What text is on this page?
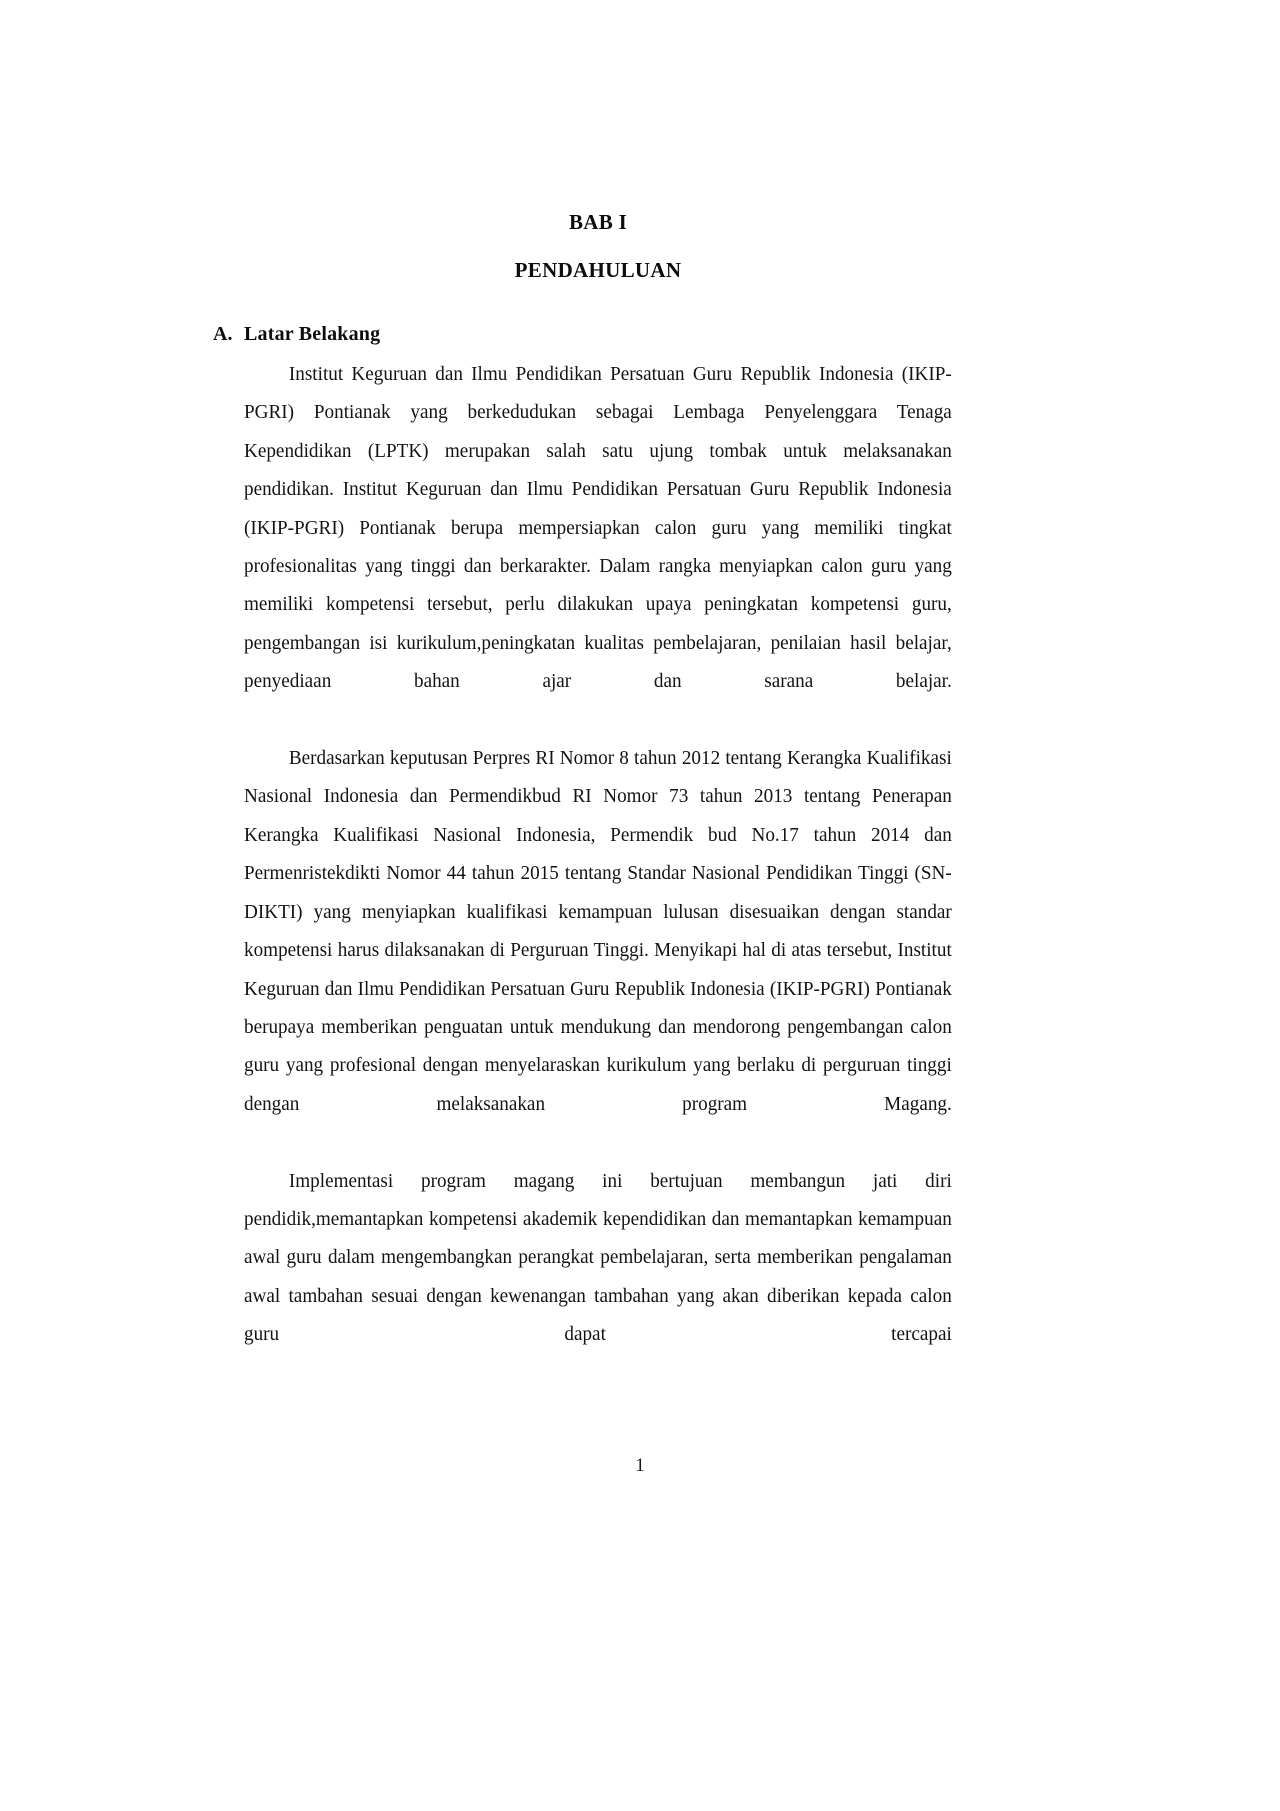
BAB I
PENDAHULUAN
A. Latar Belakang

Institut Keguruan dan Ilmu Pendidikan Persatuan Guru Republik Indonesia (IKIP-PGRI) Pontianak yang berkedudukan sebagai Lembaga Penyelenggara Tenaga Kependidikan (LPTK) merupakan salah satu ujung tombak untuk melaksanakan pendidikan. Institut Keguruan dan Ilmu Pendidikan Persatuan Guru Republik Indonesia (IKIP-PGRI) Pontianak berupa mempersiapkan calon guru yang memiliki tingkat profesionalitas yang tinggi dan berkarakter. Dalam rangka menyiapkan calon guru yang memiliki kompetensi tersebut, perlu dilakukan upaya peningkatan kompetensi guru, pengembangan isi kurikulum,peningkatan kualitas pembelajaran, penilaian hasil belajar, penyediaan bahan ajar dan sarana belajar.

Berdasarkan keputusan Perpres RI Nomor 8 tahun 2012 tentang Kerangka Kualifikasi Nasional Indonesia dan Permendikbud RI Nomor 73 tahun 2013 tentang Penerapan Kerangka Kualifikasi Nasional Indonesia, Permendik bud No.17 tahun 2014 dan Permenristekdikti Nomor 44 tahun 2015 tentang Standar Nasional Pendidikan Tinggi (SN-DIKTI) yang menyiapkan kualifikasi kemampuan lulusan disesuaikan dengan standar kompetensi harus dilaksanakan di Perguruan Tinggi. Menyikapi hal di atas tersebut, Institut Keguruan dan Ilmu Pendidikan Persatuan Guru Republik Indonesia (IKIP-PGRI) Pontianak berupaya memberikan penguatan untuk mendukung dan mendorong pengembangan calon guru yang profesional dengan menyelaraskan kurikulum yang berlaku di perguruan tinggi dengan melaksanakan program Magang.

Implementasi program magang ini bertujuan membangun jati diri pendidik,memantapkan kompetensi akademik kependidikan dan memantapkan kemampuan awal guru dalam mengembangkan perangkat pembelajaran, serta memberikan pengalaman awal tambahan sesuai dengan kewenangan tambahan yang akan diberikan kepada calon guru dapat tercapai

1
